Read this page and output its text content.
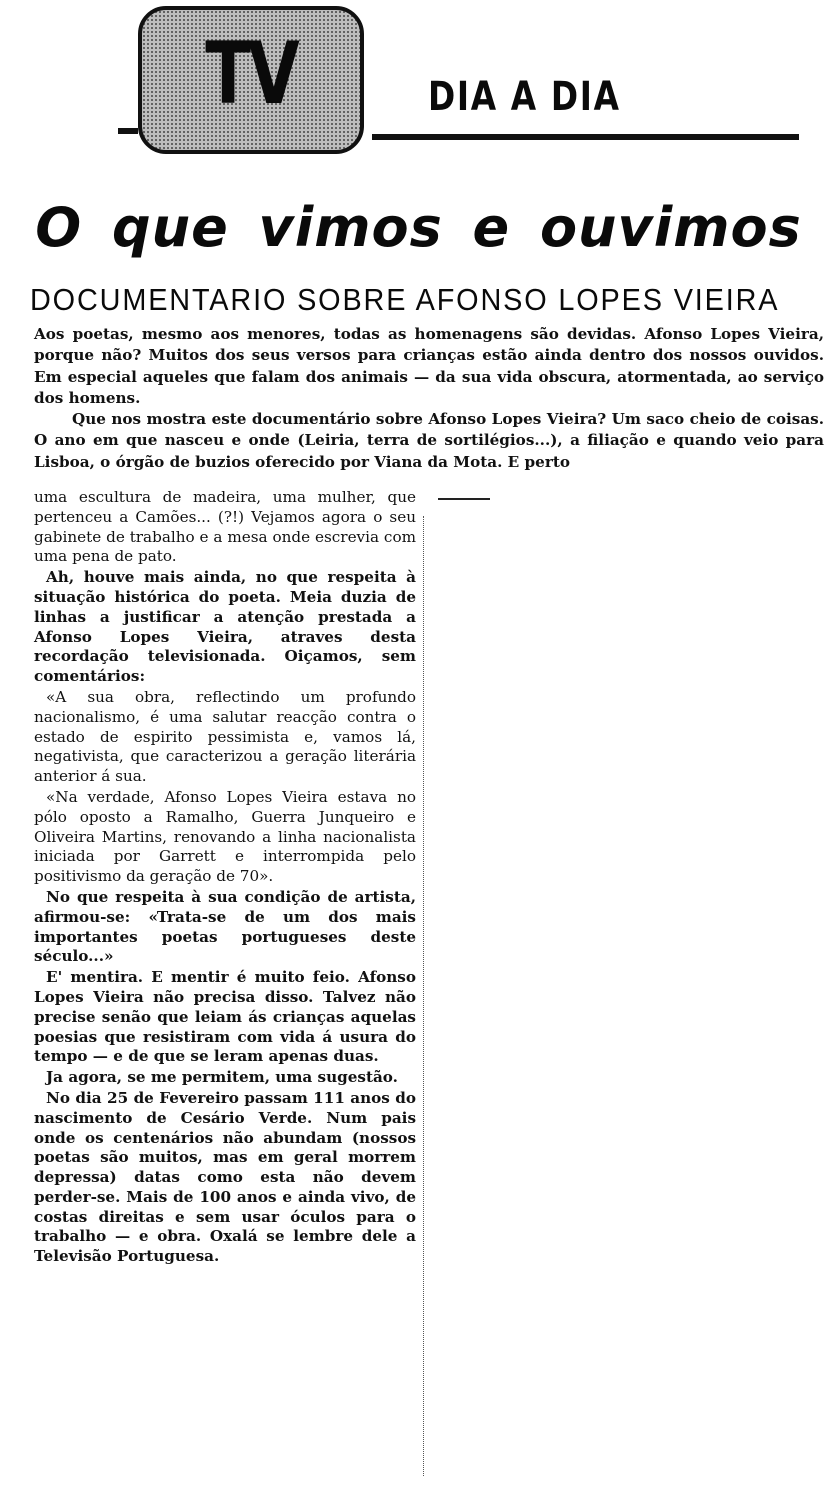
TV	DIA A DIA
O que vimos e ouvimos
DOCUMENTARIO SOBRE AFONSO LOPES VIEIRA

Aos poetas, mesmo aos menores, todas as homenagens são devidas. Afonso Lopes Vieira, porque não? Muitos dos seus versos para crianças estão ainda dentro dos nossos ouvidos. Em especial aqueles que falam dos animais — da sua vida obscura, atormentada, ao serviço dos homens.

Que nos mostra este documentário sobre Afonso Lopes Vieira? Um saco cheio de coisas. O ano em que nasceu e onde (Leiria, terra de sortilégios...), a filiação e quando veio para Lisboa, o órgão de buzios oferecido por Viana da Mota. E perto

uma escultura de madeira, uma mulher, que pertenceu a Camões... (?!) Vejamos agora o seu gabinete de trabalho e a mesa onde escrevia com uma pena de pato.

Ah, houve mais ainda, no que respeita à situação histórica do poeta. Meia duzia de linhas a justificar a atenção prestada a Afonso Lopes Vieira, atraves desta recordação televisionada. Oiçamos, sem comentários:

«A sua obra, reflectindo um profundo nacionalismo, é uma salutar reacção contra o estado de espirito pessimista e, vamos lá, negativista, que caracterizou a geração literária anterior á sua.

«Na verdade, Afonso Lopes Vieira estava no pólo oposto a Ramalho, Guerra Junqueiro e Oliveira Martins, renovando a linha nacionalista iniciada por Garrett e interrompida pelo positivismo da geração de 70».

No que respeita à sua condição de artista, afirmou-se: «Trata-se de um dos mais importantes poetas portugueses deste século...»

E' mentira. E mentir é muito feio. Afonso Lopes Vieira não precisa disso. Talvez não precise senão que leiam ás crianças aquelas poesias que resistiram com vida á usura do tempo — e de que se leram apenas duas.

Ja agora, se me permitem, uma sugestão.

No dia 25 de Fevereiro passam 111 anos do nascimento de Cesário Verde. Num pais onde os centenários não abundam (nossos poetas são muitos, mas em geral morrem depressa) datas como esta não devem perder-se. Mais de 100 anos e ainda vivo, de costas direitas e sem usar óculos para o trabalho — e obra. Oxalá se lembre dele a Televisão Portuguesa.
